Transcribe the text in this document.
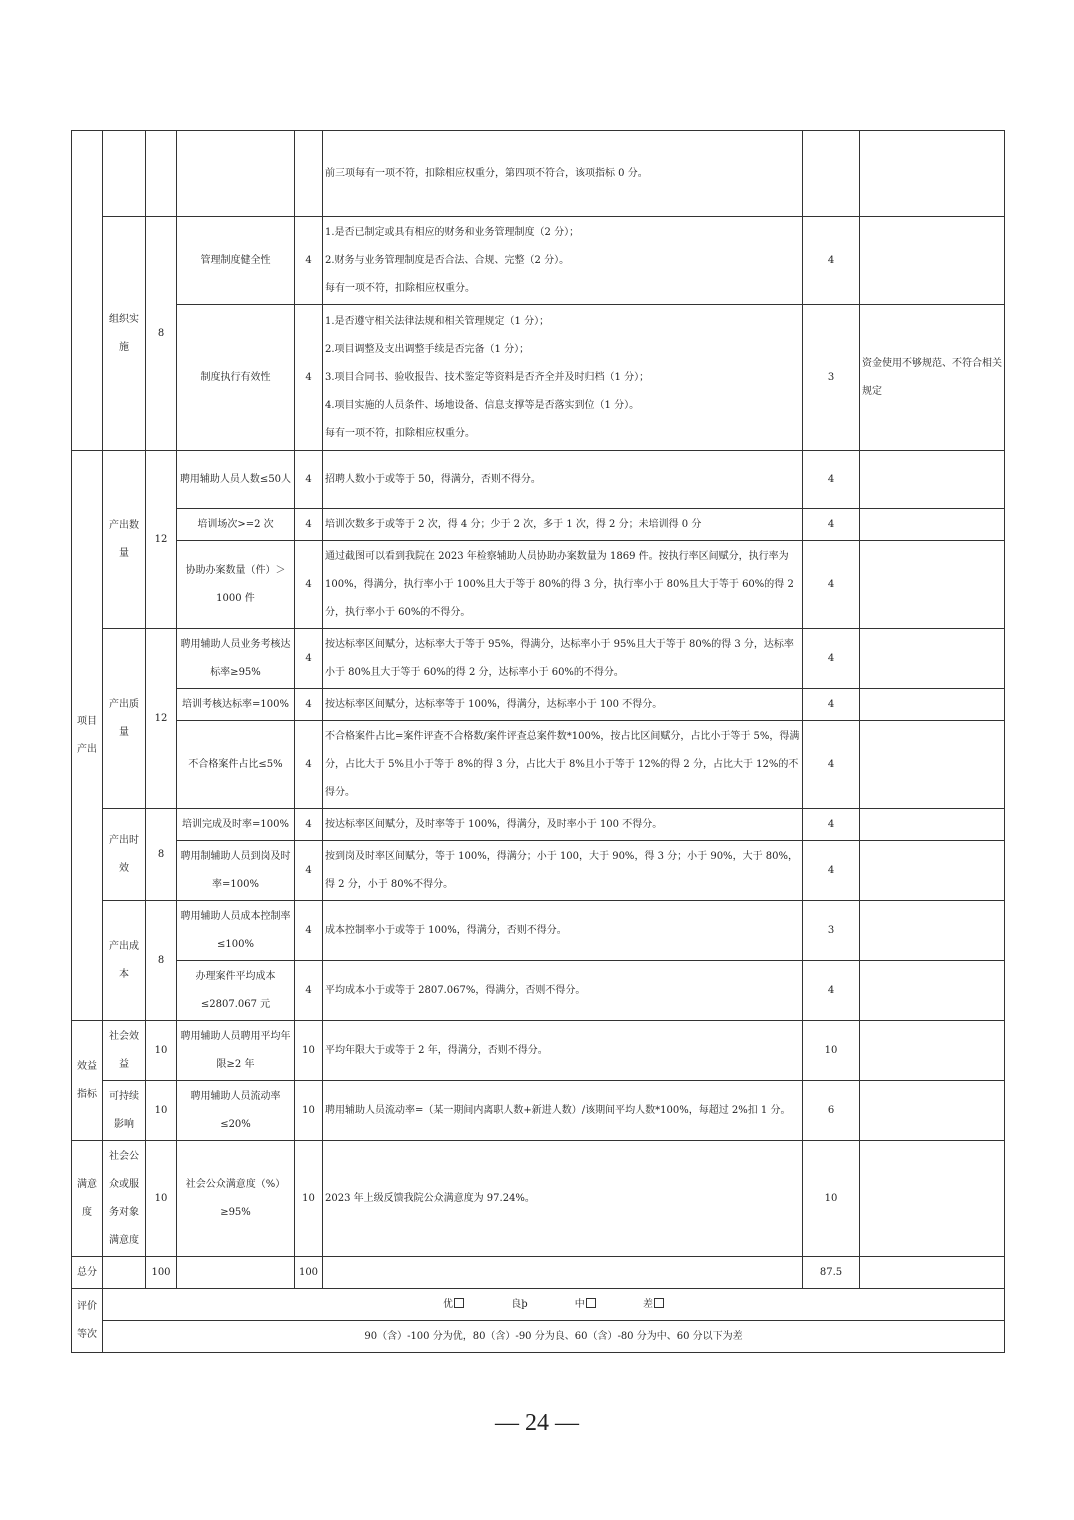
					前三项每有一项不符，扣除相应权重分，第四项不符合，该项指标 0 分。		
	组织实施	8	管理制度健全性	4	1.是否已制定或具有相应的财务和业务管理制度（2 分）；
2.财务与业务管理制度是否合法、合规、完整（2 分）。
每有一项不符，扣除相应权重分。	4	
			制度执行有效性	4	1.是否遵守相关法律法规和相关管理规定（1 分）；
2.项目调整及支出调整手续是否完备（1 分）；
3.项目合同书、验收报告、技术鉴定等资料是否齐全并及时归档（1 分）；
4.项目实施的人员条件、场地设备、信息支撑等是否落实到位（1 分）。
每有一项不符，扣除相应权重分。	3	资金使用不够规范、不符合相关规定
项目产出	产出数量	12	聘用辅助人员人数≤50人	4	招聘人数小于或等于 50，得满分，否则不得分。	4	
			培训场次>=2 次	4	培训次数多于或等于 2 次，得 4 分；少于 2 次，多于 1 次，得 2 分；未培训得 0 分	4	
			协助办案数量（件）＞1000 件	4	通过截图可以看到我院在 2023 年检察辅助人员协助办案数量为 1869 件。按执行率区间赋分，执行率为 100%，得满分，执行率小于 100%且大于等于 80%的得 3 分，执行率小于 80%且大于等于 60%的得 2 分，执行率小于 60%的不得分。	4	
	产出质量	12	聘用辅助人员业务考核达标率≥95%	4	按达标率区间赋分，达标率大于等于 95%，得满分，达标率小于 95%且大于等于 80%的得 3 分，达标率小于 80%且大于等于 60%的得 2 分，达标率小于 60%的不得分。	4	
			培训考核达标率=100%	4	按达标率区间赋分，达标率等于 100%，得满分，达标率小于 100 不得分。	4	
			不合格案件占比≤5%	4	不合格案件占比=案件评查不合格数/案件评查总案件数*100%，按占比区间赋分，占比小于等于 5%，得满分，占比大于 5%且小于等于 8%的得 3 分，占比大于 8%且小于等于 12%的得 2 分，占比大于 12%的不得分。	4	
	产出时效	8	培训完成及时率=100%	4	按达标率区间赋分，及时率等于 100%，得满分，及时率小于 100 不得分。	4	
			聘用制辅助人员到岗及时率=100%	4	按到岗及时率区间赋分，等于 100%，得满分；小于 100，大于 90%，得 3 分；小于 90%，大于 80%，得 2 分，小于 80%不得分。	4	
	产出成本	8	聘用辅助人员成本控制率≤100%	4	成本控制率小于或等于 100%，得满分，否则不得分。	3	
			办理案件平均成本≤2807.067 元	4	平均成本小于或等于 2807.067%，得满分，否则不得分。	4	
效益指标	社会效益	10	聘用辅助人员聘用平均年限≥2 年	10	平均年限大于或等于 2 年，得满分，否则不得分。	10	
	可持续影响	10	聘用辅助人员流动率≤20%	10	聘用辅助人员流动率=（某一期间内离职人数+新进人数）/该期间平均人数*100%，每超过 2%扣 1 分。	6	
满意度	社会公众或服务对象满意度	10	社会公众满意度（%）≥95%	10	2023 年上级反馈我院公众满意度为 97.24%。	10	
总分		100		100		87.5	
评价等次	优 良þ 中 差						
	90（含）-100 分为优，80（含）-90 分为良、60（含）-80 分为中、60 分以下为差						
— 24 —
